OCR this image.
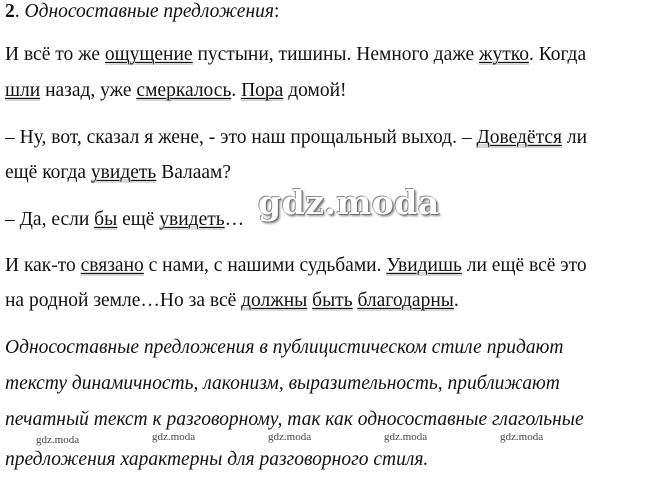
2. Односоставные предложения:
И всё то же ощущение пустыни, тишины. Немного даже жутко. Когда
шли назад, уже смеркалось. Пора домой!
– Ну, вот, сказал я жене, - это наш прощальный выход. – Доведётся ли
ещё когда увидеть Валаам?
– Да, если бы ещё увидеть…
И как-то связано с нами, с нашими судьбами. Увидишь ли ещё всё это
на родной земле…Но за всё должны быть благодарны.
Односоставные предложения в публицистическом стиле придают
тексту динамичность, лаконизм, выразительность, приближают
печатный текст к разговорному, так как односоставные глагольные
предложения характерны для разговорного стиля.
gdz.moda
gdz.moda	gdz.moda	gdz.moda	gdz.moda	gdz.moda
